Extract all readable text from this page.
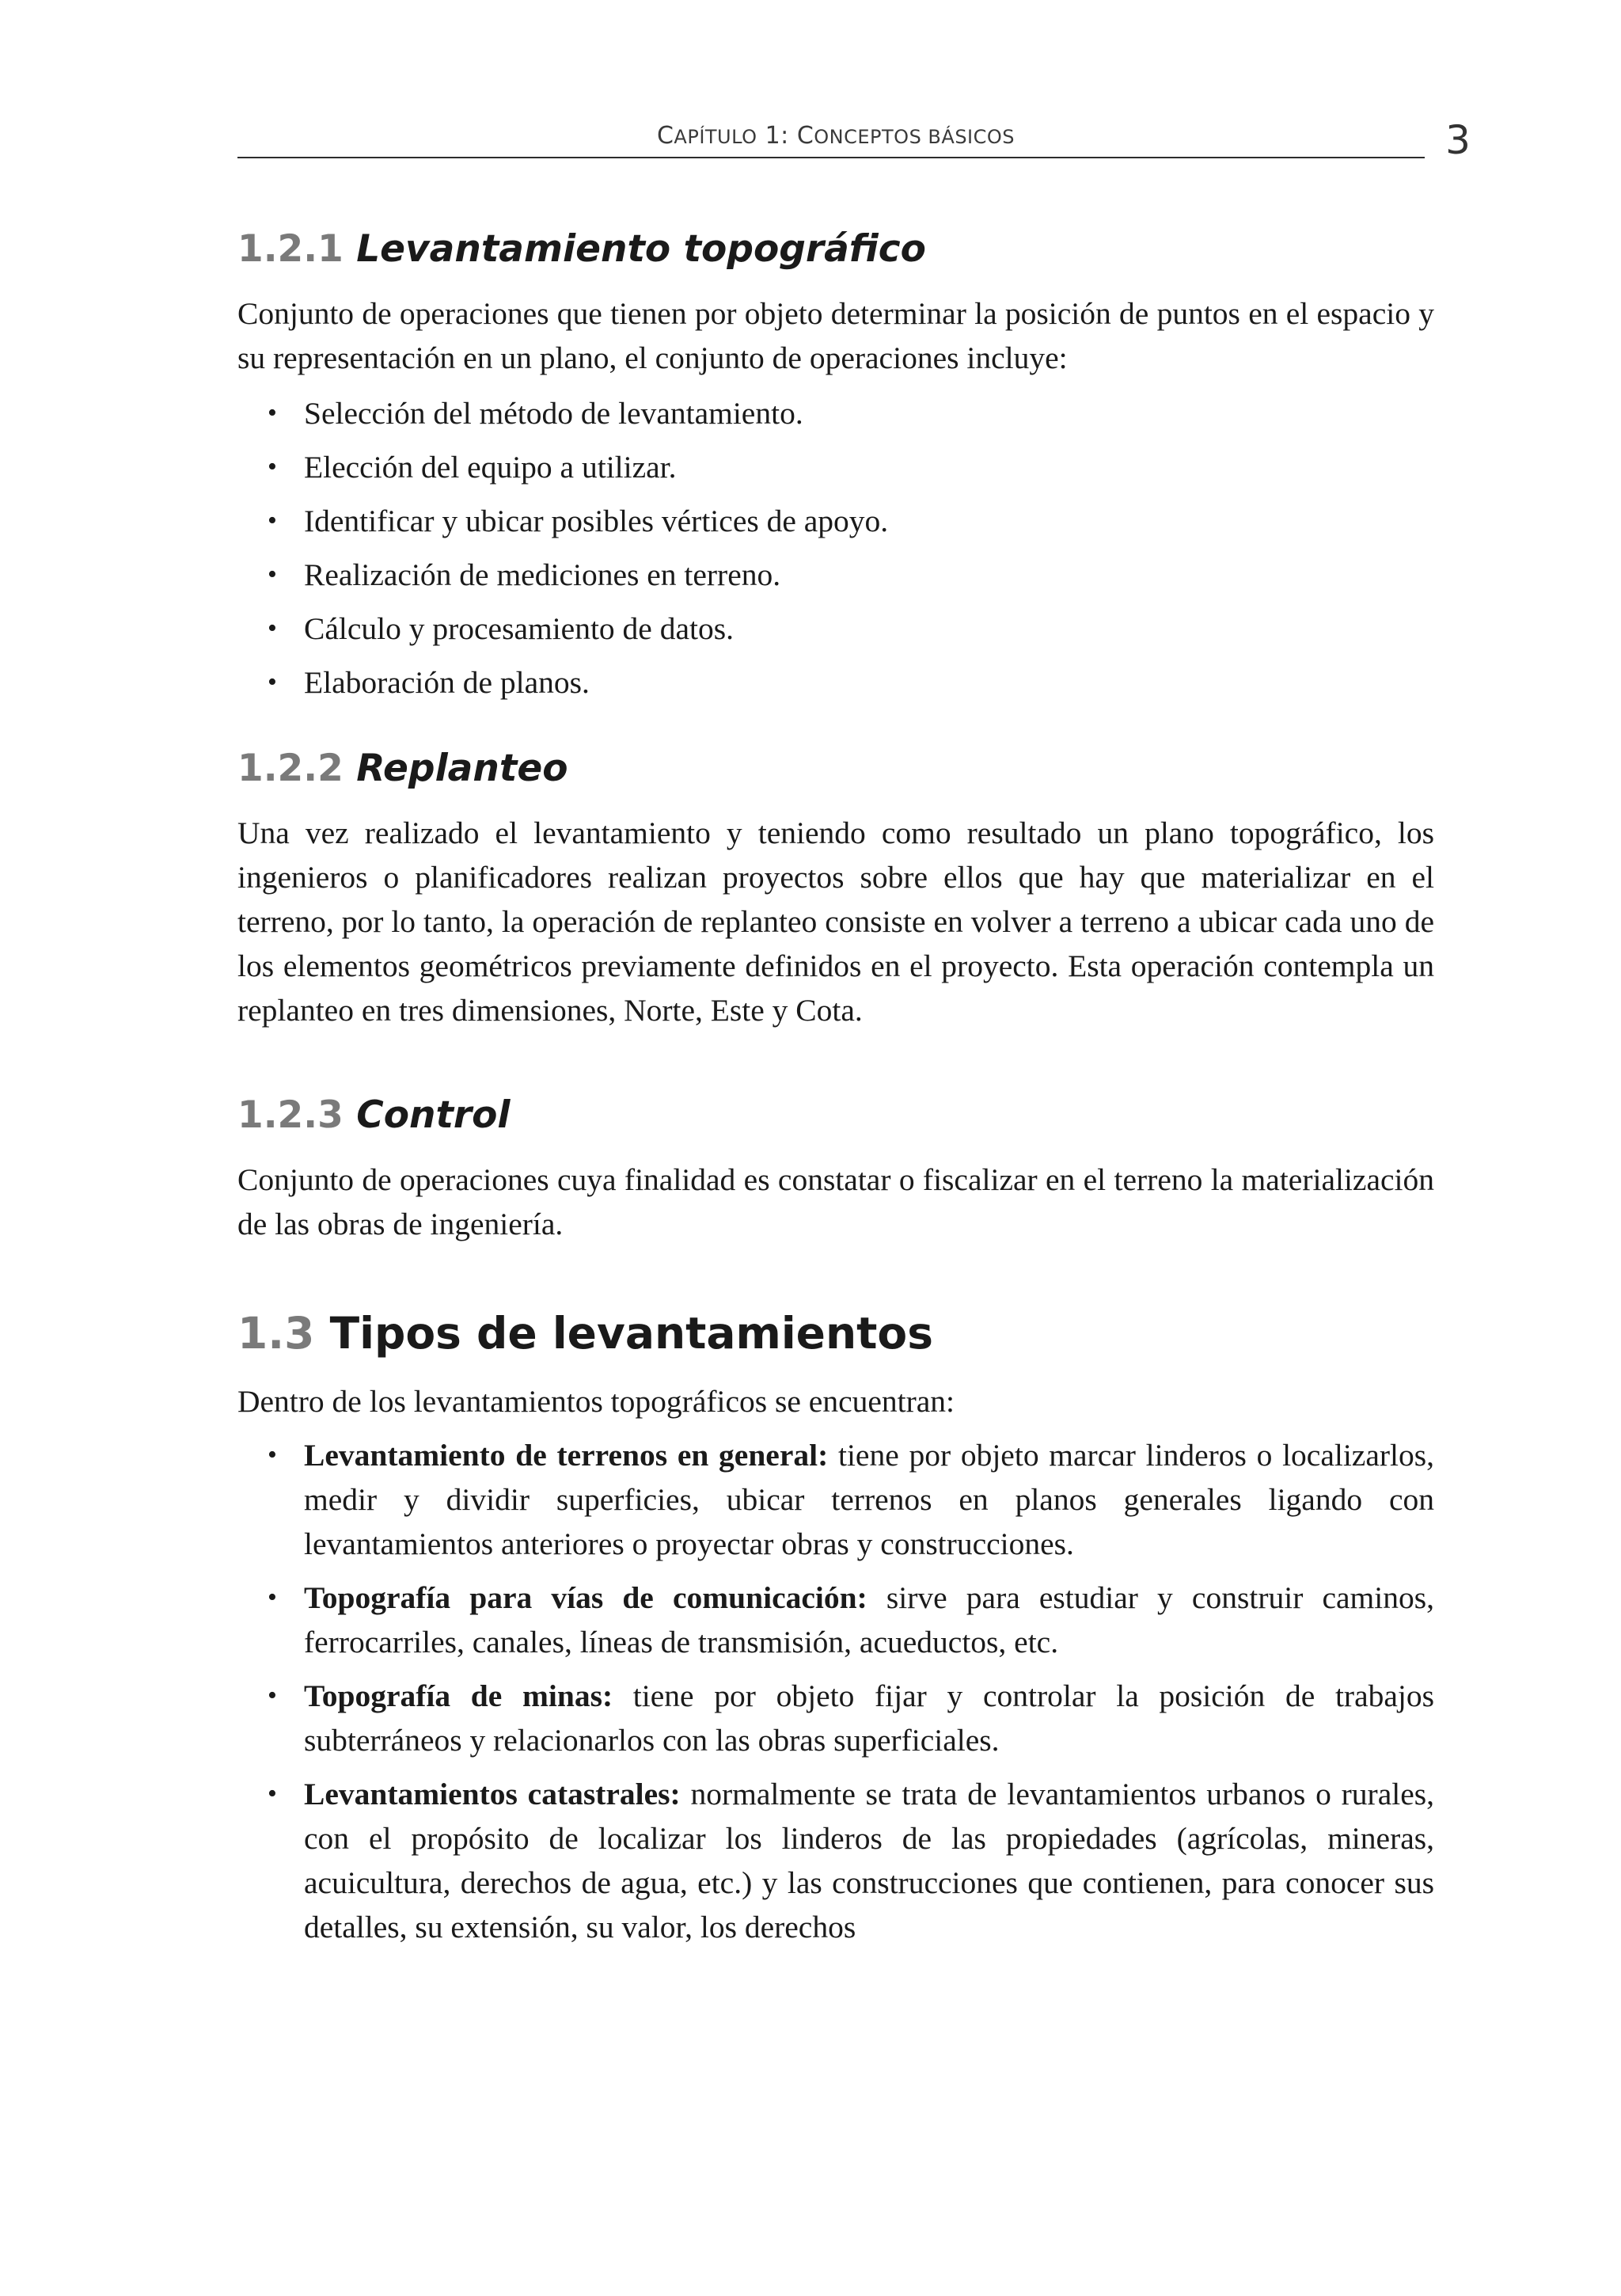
CAPÍTULO 1: CONCEPTOS BÁSICOS	3
1.2.1 Levantamiento topográfico

Conjunto de operaciones que tienen por objeto determinar la posición de puntos en el espacio y su representación en un plano, el conjunto de operaciones incluye:

• Selección del método de levantamiento.
• Elección del equipo a utilizar.
• Identificar y ubicar posibles vértices de apoyo.
• Realización de mediciones en terreno.
• Cálculo y procesamiento de datos.
• Elaboración de planos.
1.2.2 Replanteo

Una vez realizado el levantamiento y teniendo como resultado un plano topográfico, los ingenieros o planificadores realizan proyectos sobre ellos que hay que materializar en el terreno, por lo tanto, la operación de replanteo consiste en volver a terreno a ubicar cada uno de los elementos geométricos previamente definidos en el proyecto. Esta operación contempla un replanteo en tres dimensiones, Norte, Este y Cota.

1.2.3 Control

Conjunto de operaciones cuya finalidad es constatar o fiscalizar en el terreno la materialización de las obras de ingeniería.

1.3 Tipos de levantamientos

Dentro de los levantamientos topográficos se encuentran:

• Levantamiento de terrenos en general: tiene por objeto marcar linderos o localizarlos, medir y dividir superficies, ubicar terrenos en planos generales ligando con levantamientos anteriores o proyectar obras y construcciones.
• Topografía para vías de comunicación: sirve para estudiar y construir caminos, ferrocarriles, canales, líneas de transmisión, acueductos, etc.
• Topografía de minas: tiene por objeto fijar y controlar la posición de trabajos subterráneos y relacionarlos con las obras superficiales.
• Levantamientos catastrales: normalmente se trata de levantamientos urbanos o rurales, con el propósito de localizar los linderos de las propiedades (agrícolas, mineras, acuicultura, derechos de agua, etc.) y las construcciones que contienen, para conocer sus detalles, su extensión, su valor, los derechos
